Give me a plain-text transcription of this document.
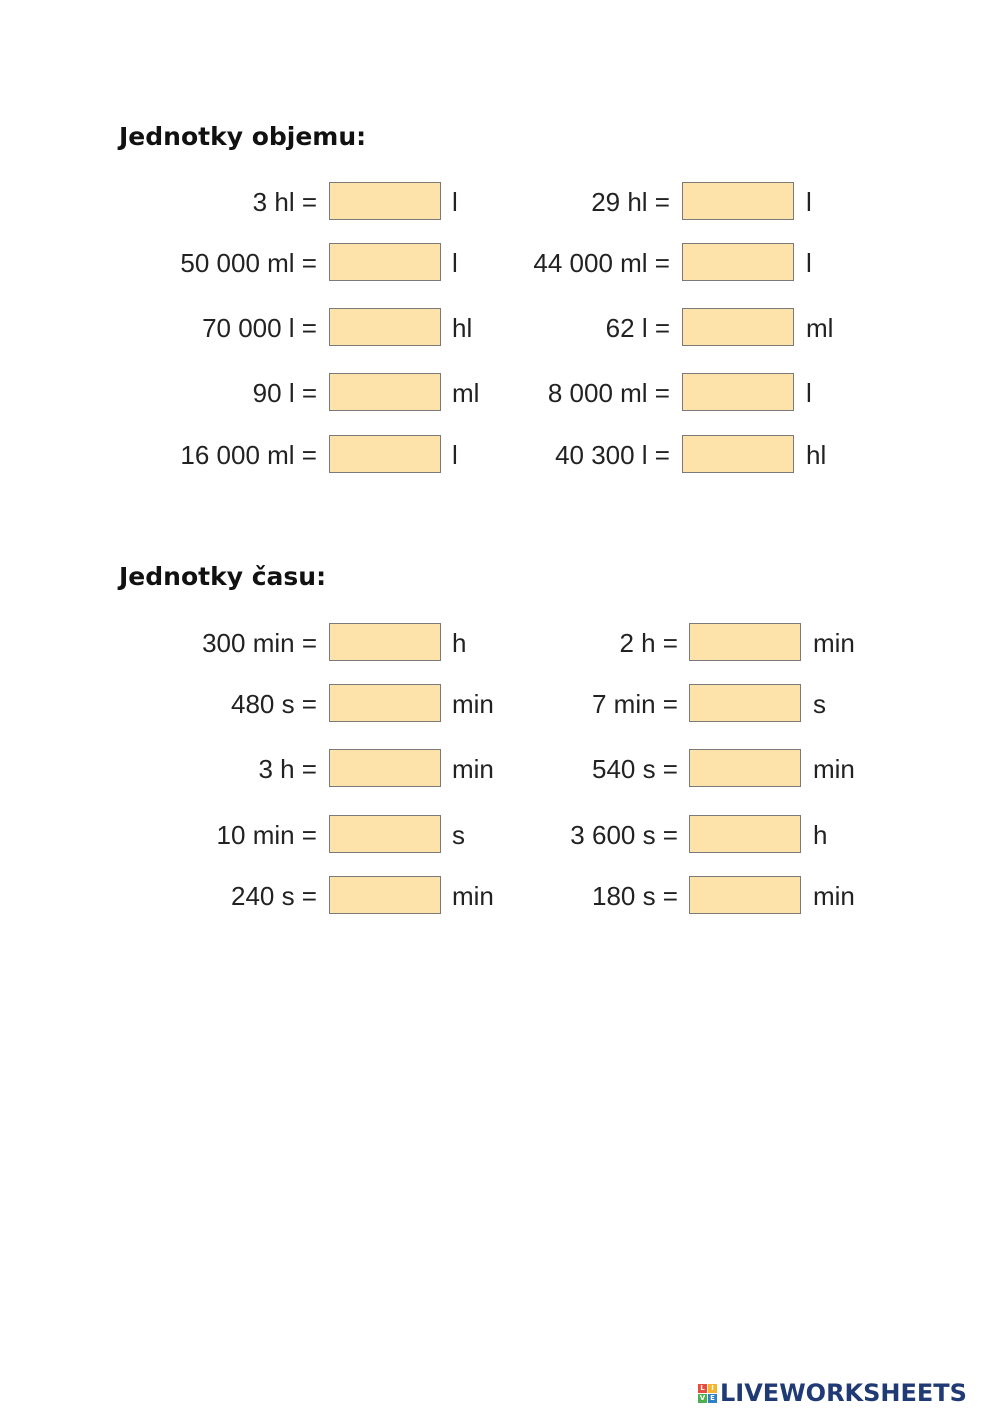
Jednotky objemu:
3 hl =	l	29 hl =	l
50 000 ml =	l	44 000 ml =	l
70 000 l =	hl	62 l =	ml
90 l =	ml	8 000 ml =	l
16 000 ml =	l	40 300 l =	hl
Jednotky času:
300 min =	h	2 h =	min
480 s =	min	7 min =	s
3 h =	min	540 s =	min
10 min =	s	3 600 s =	h
240 s =	min	180 s =	min
L I
V E LIVEWORKSHEETS
